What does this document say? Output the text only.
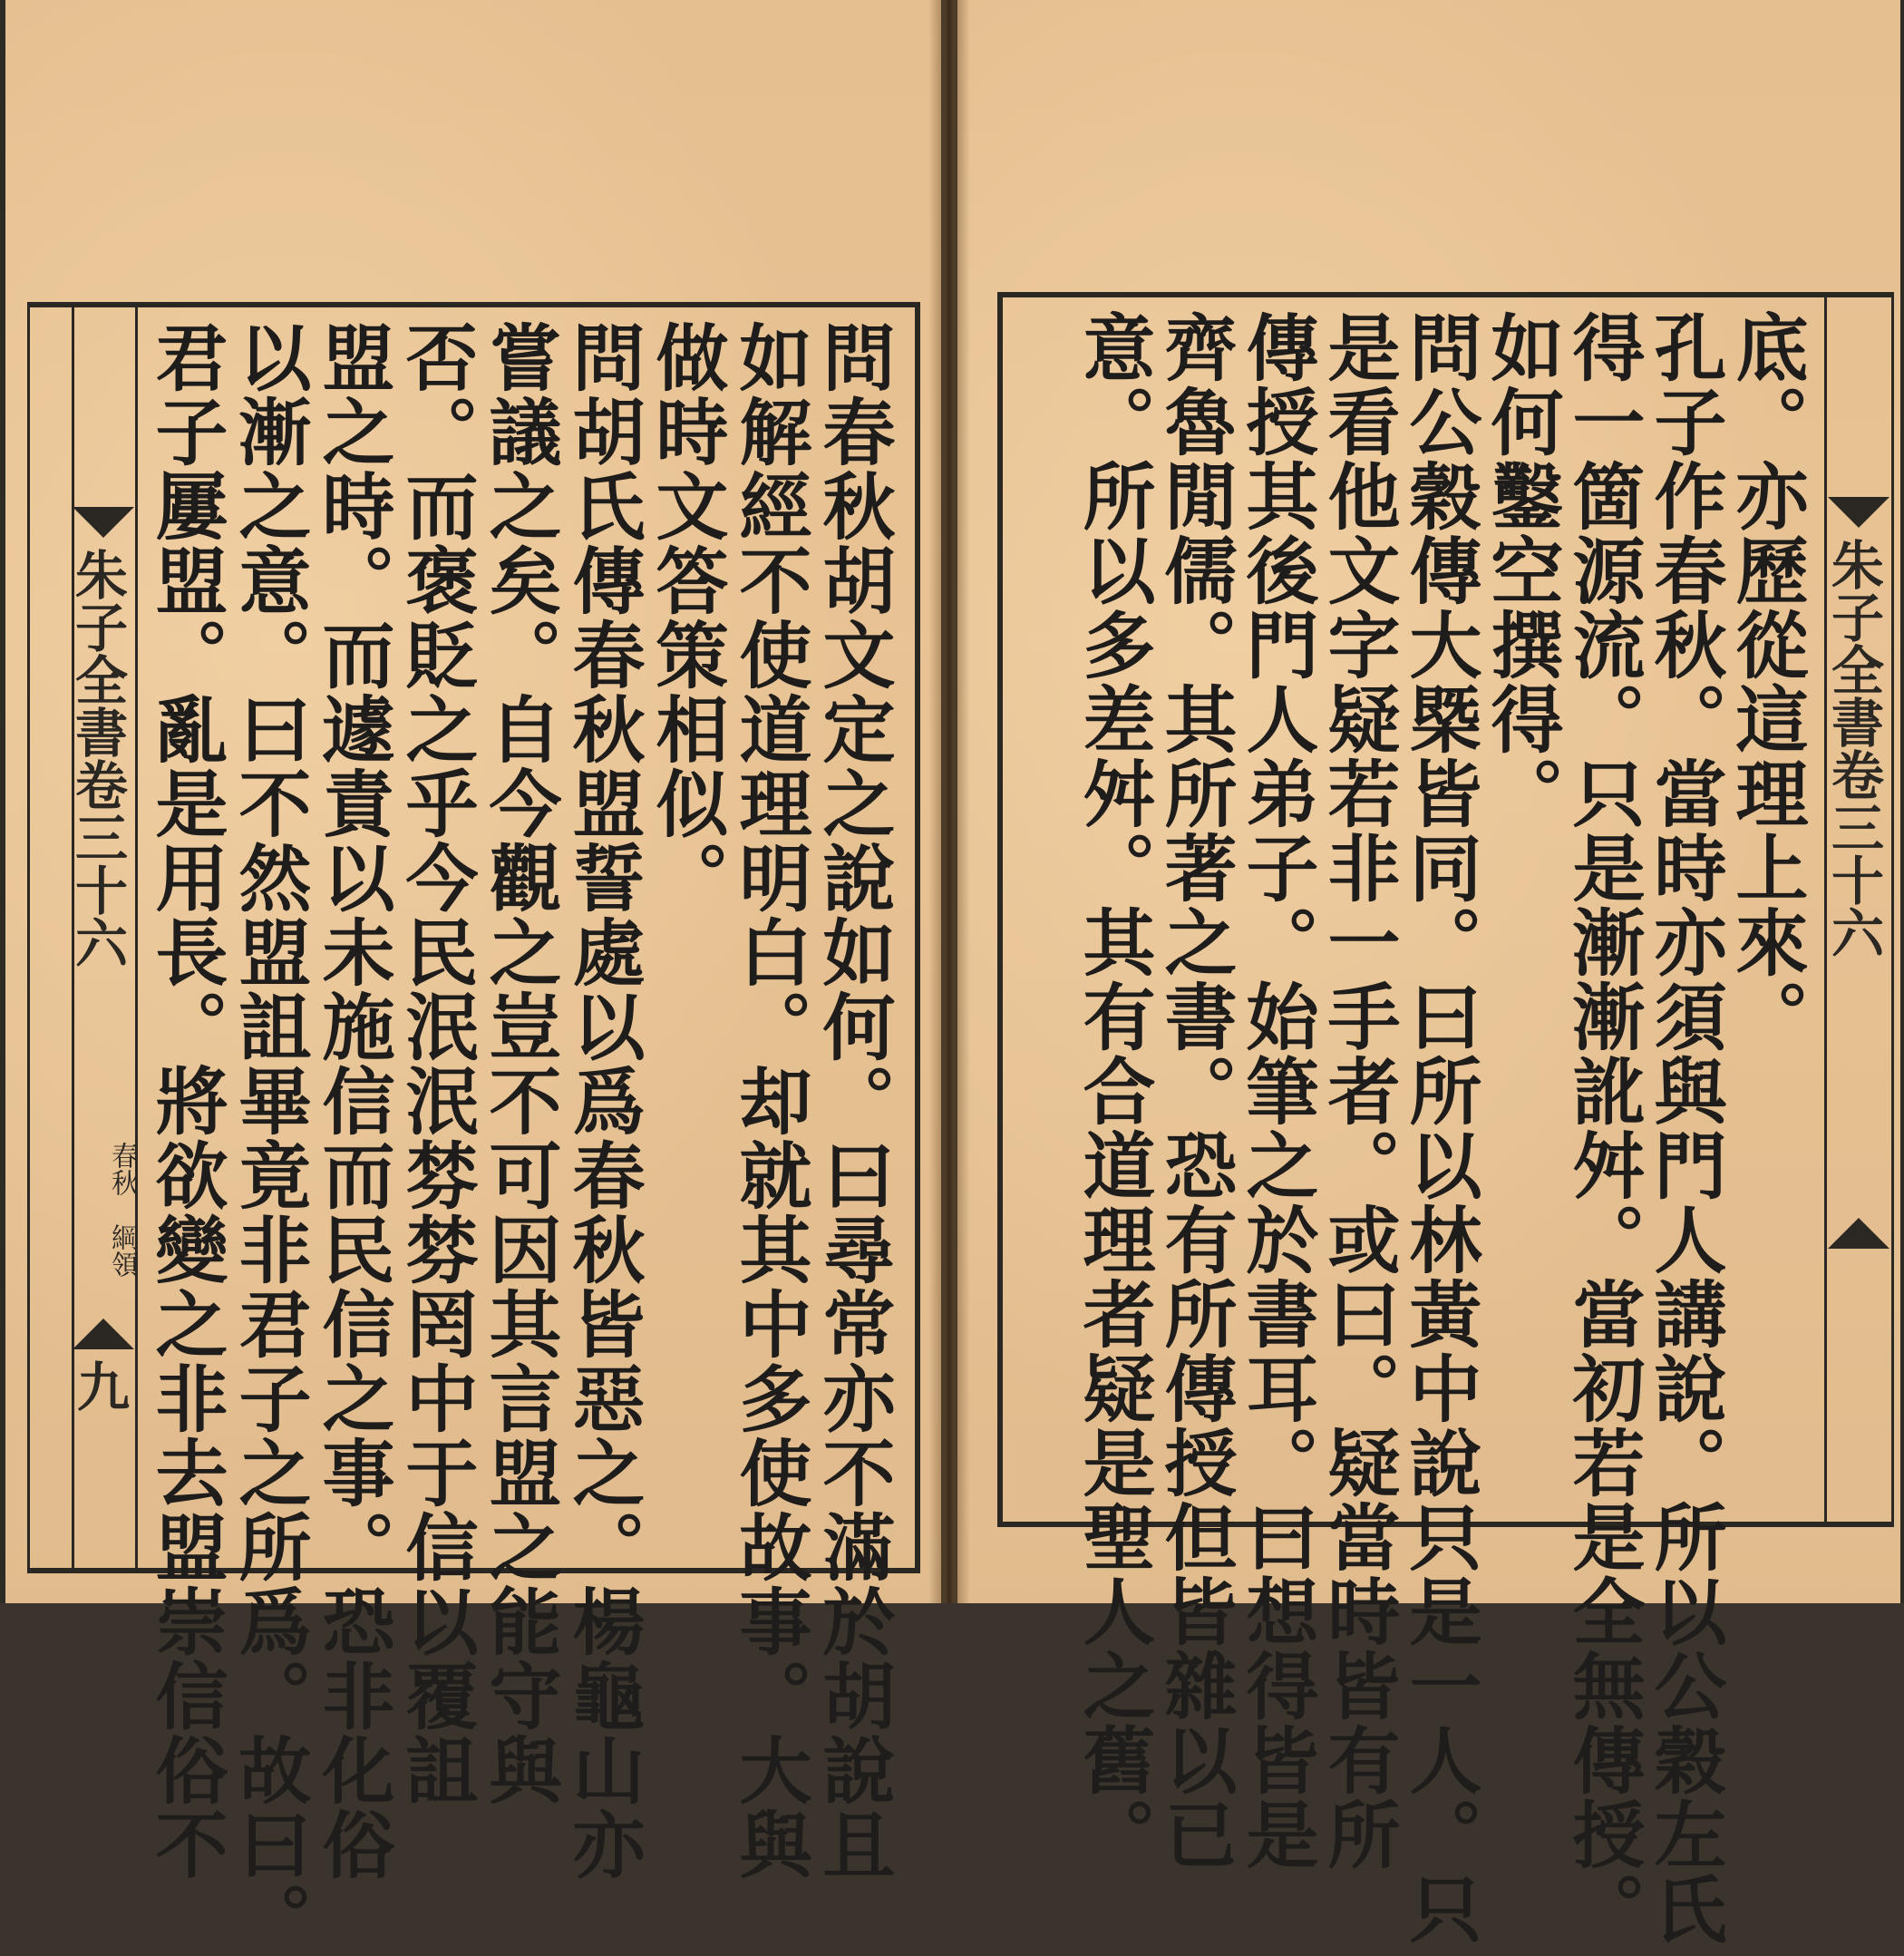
朱子全書卷三十六
春秋　綱領
九	問春秋胡文定之說如何。曰尋常亦不滿於胡說且
如解經不使道理明白。却就其中多使故事。大與
做時文答策相似。
問胡氏傳春秋盟誓處以爲春秋皆惡之。楊龜山亦
嘗議之矣。自今觀之豈不可因其言盟之能守與
否。而褒貶之乎今民泯泯棼棼罔中于信以覆詛
盟之時。而遽責以未施信而民信之事。恐非化俗
以漸之意。曰不然盟詛畢竟非君子之所爲。故曰。
君子屢盟。亂是用長。將欲變之非去盟崇信俗不	朱子全書卷三十六
底。亦歷從這理上來。
孔子作春秋。當時亦須與門人講說。所以公穀左氏
得一箇源流。只是漸漸訛舛。當初若是全無傳授。
如何鑿空撰得。
問公穀傳大槩皆同。曰所以林黃中說只是一人。只
是看他文字疑若非一手者。或曰。疑當時皆有所
傳授其後門人弟子。始筆之於書耳。曰想得皆是
齊魯閒儒。其所著之書。恐有所傳授但皆雜以已
意。所以多差舛。其有合道理者疑是聖人之舊。
